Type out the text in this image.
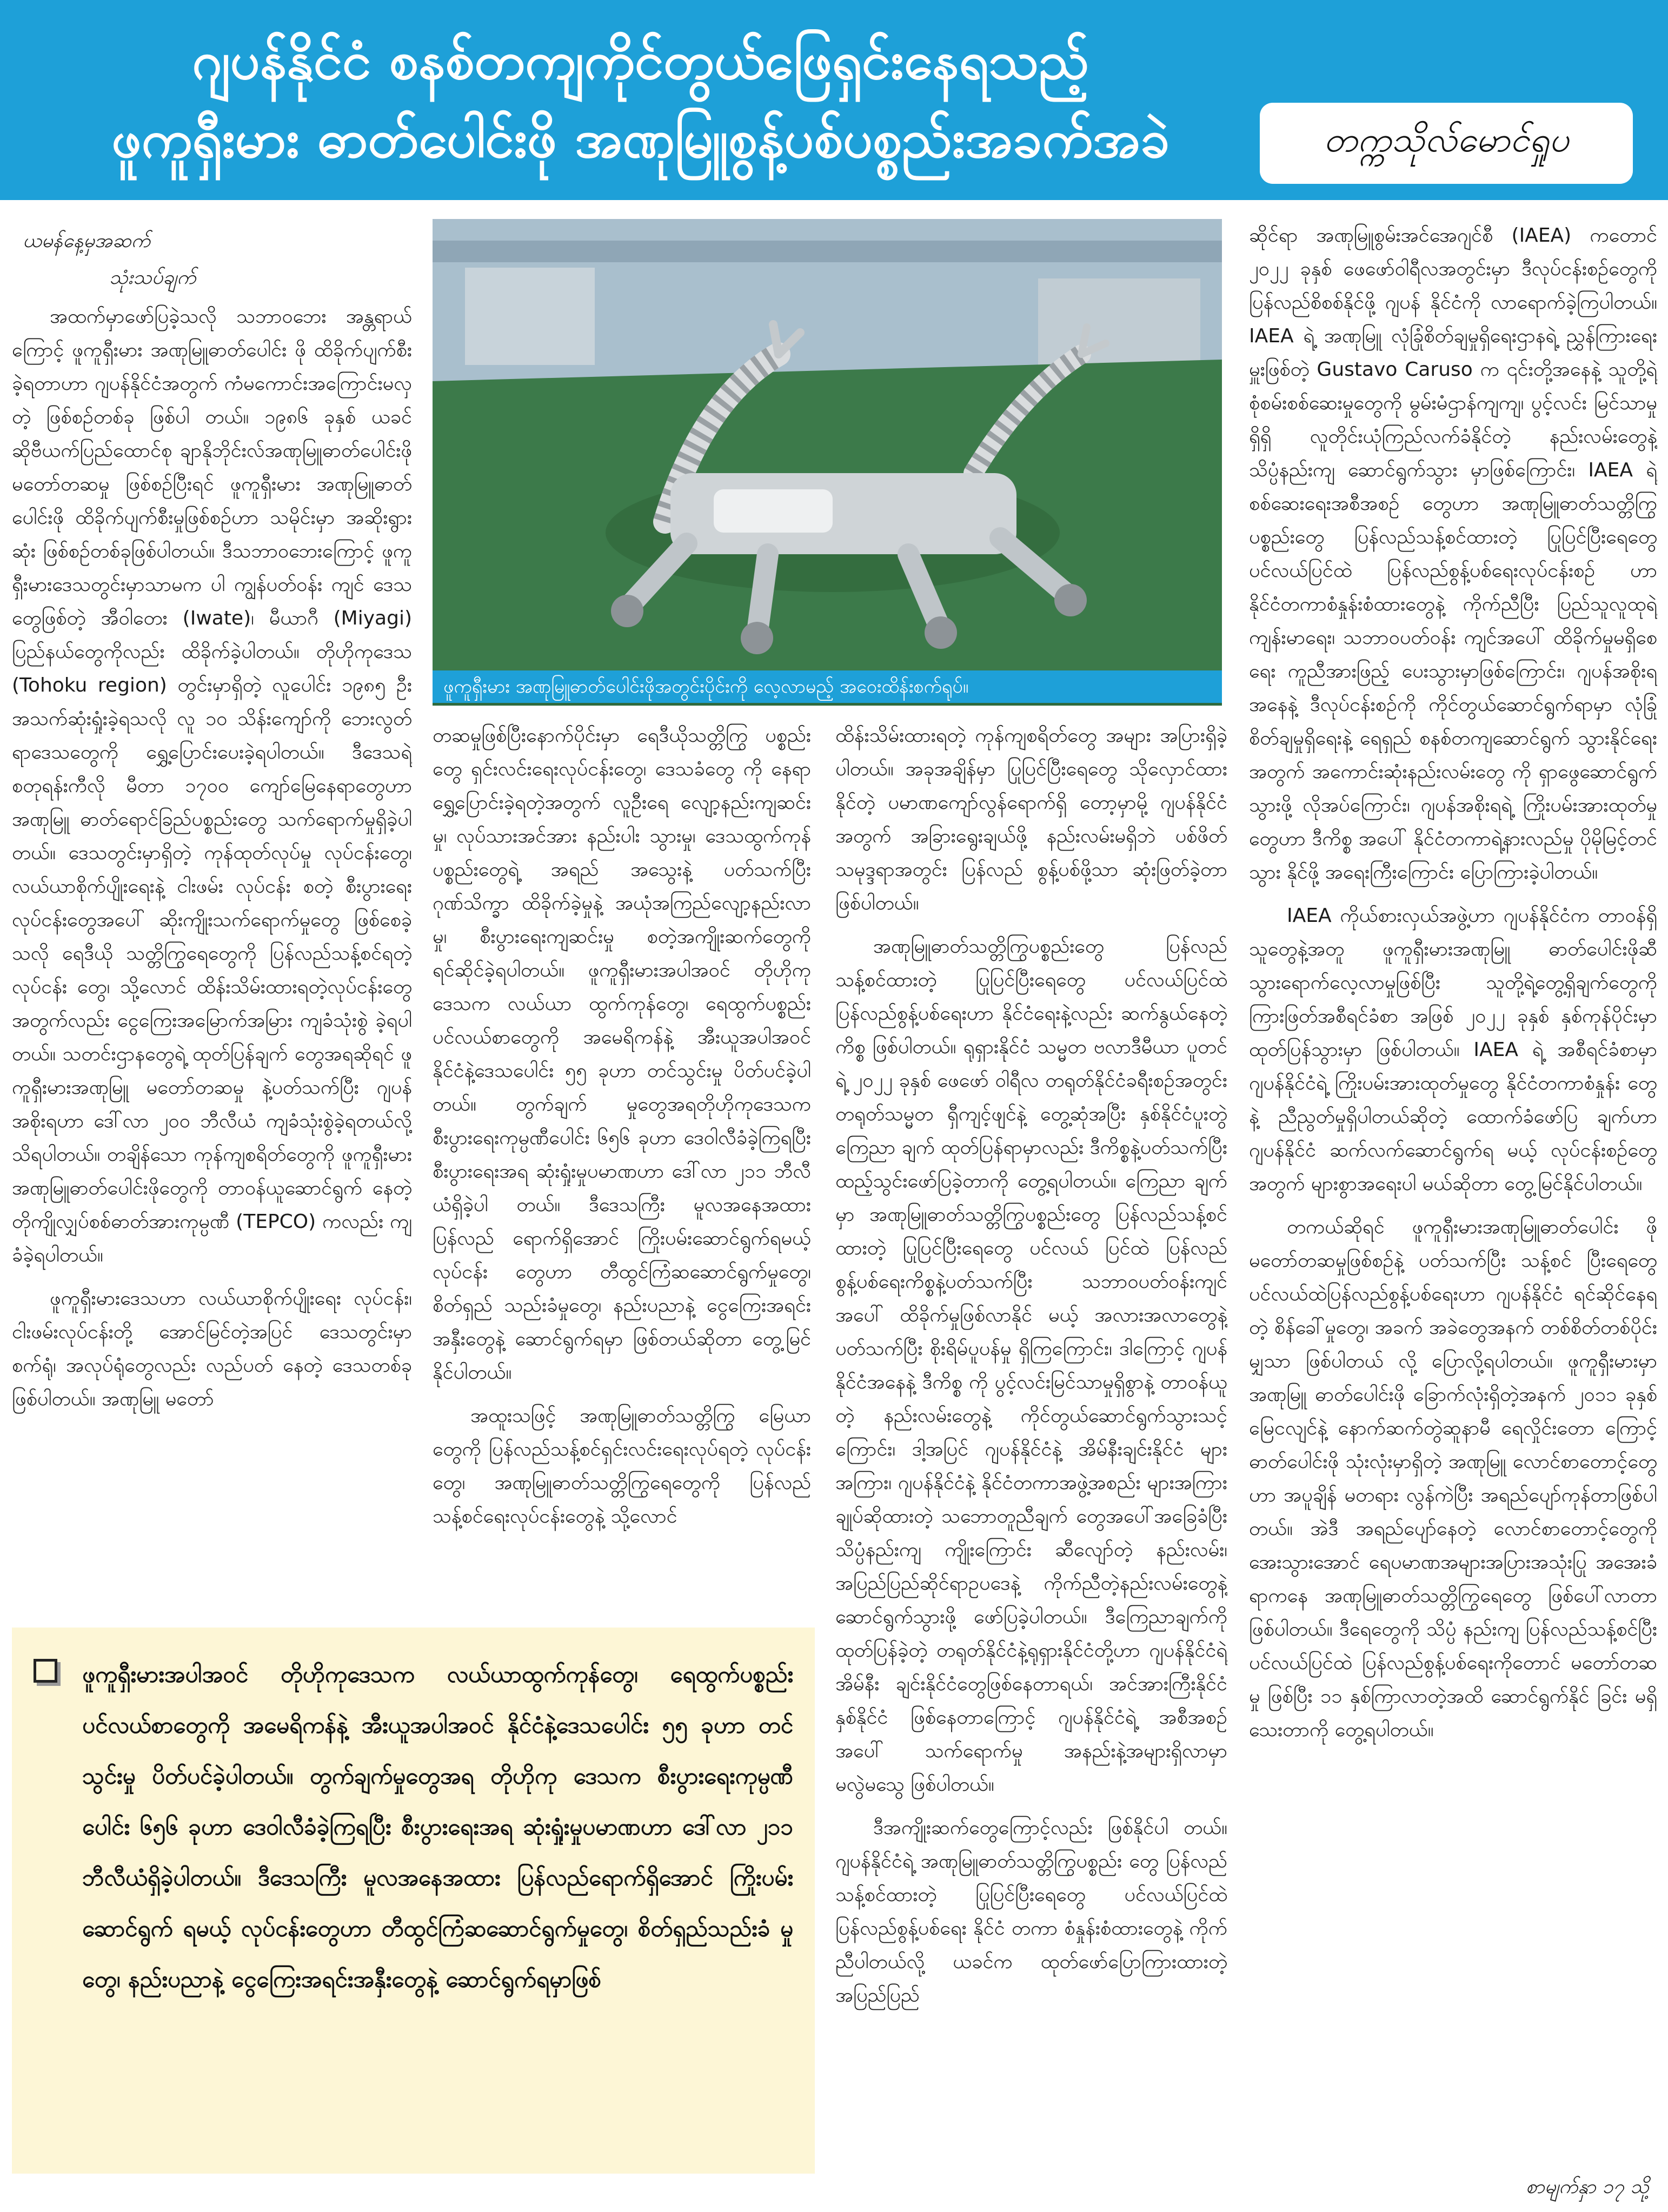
ဂျပန်နိုင်ငံ စနစ်တကျကိုင်တွယ်ဖြေရှင်းနေရသည့်
ဖူကူရှီးမား ဓာတ်ပေါင်းဖို အဏုမြူစွန့်ပစ်ပစ္စည်းအခက်အခဲ	တက္ကသိုလ်မောင်ရှုပ
ယမန်နေ့မှအဆက်
သုံးသပ်ချက်

အထက်မှာဖော်ပြခဲ့သလို သဘာဝဘေး အန္တရာယ်ကြောင့် ဖူကူရှီးမား အဏုမြူဓာတ်ပေါင်း ဖို ထိခိုက်ပျက်စီးခဲ့ရတာဟာ ဂျပန်နိုင်ငံအတွက် ကံမကောင်းအကြောင်းမလှတဲ့ ဖြစ်စဉ်တစ်ခု ဖြစ်ပါ တယ်။ ၁၉၈၆ ခုနှစ် ယခင်ဆိုဗီယက်ပြည်ထောင်စု ချာနိုဘိုင်းလ်အဏုမြူဓာတ်ပေါင်းဖို မတော်တဆမှု ဖြစ်စဉ်ပြီးရင် ဖူကူရှီးမား အဏုမြူဓာတ်ပေါင်းဖို ထိခိုက်ပျက်စီးမှုဖြစ်စဉ်ဟာ သမိုင်းမှာ အဆိုးရွားဆုံး ဖြစ်စဉ်တစ်ခုဖြစ်ပါတယ်။ ဒီသဘာဝဘေးကြောင့် ဖူကူရှီးမားဒေသတွင်းမှာသာမက ပါ ကျွန်ပတ်ဝန်း ကျင် ဒေသတွေဖြစ်တဲ့ အီဝါတေး (Iwate)၊ မီယာဂီ (Miyagi) ပြည်နယ်တွေကိုလည်း ထိခိုက်ခဲ့ပါတယ်။ တိုဟိုကုဒေသ (Tohoku region) တွင်းမှာရှိတဲ့ လူပေါင်း ၁၉၈၅ ဦး အသက်ဆုံးရှုံးခဲ့ရသလို လူ ၁၀ သိန်းကျော်ကို ဘေးလွတ်ရာဒေသတွေကို ရွှေ့ပြောင်းပေးခဲ့ရပါတယ်။ ဒီဒေသရဲ့ စတုရန်းကီလို မီတာ ၁၇၀၀ ကျော်မြေနေရာတွေဟာ အဏုမြူ ဓာတ်ရောင်ခြည်ပစ္စည်းတွေ သက်ရောက်မှုရှိခဲ့ပါ တယ်။ ဒေသတွင်းမှာရှိတဲ့ ကုန်ထုတ်လုပ်မှု လုပ်ငန်းတွေ၊ လယ်ယာစိုက်ပျိုးရေးနဲ့ ငါးဖမ်း လုပ်ငန်း စတဲ့ စီးပွားရေးလုပ်ငန်းတွေအပေါ် ဆိုးကျိုးသက်ရောက်မှုတွေ ဖြစ်စေခဲ့သလို ရေဒီယို သတ္တိကြွရေတွေကို ပြန်လည်သန့်စင်ရတဲ့လုပ်ငန်း တွေ၊ သို့လောင် ထိန်းသိမ်းထားရတဲ့လုပ်ငန်းတွေ အတွက်လည်း ငွေကြေးအမြောက်အမြား ကျခံသုံးစွဲ ခဲ့ရပါတယ်။ သတင်းဌာနတွေရဲ့ ထုတ်ပြန်ချက် တွေအရဆိုရင် ဖူကူရှီးမားအဏုမြူ မတော်တဆမှု နဲ့ပတ်သက်ပြီး ဂျပန်အစိုးရဟာ ဒေါ်လာ ၂၀၀ ဘီလီယံ ကျခံသုံးစွဲခဲ့ရတယ်လို့ သိရပါတယ်။ တချိန်သော ကုန်ကျစရိတ်တွေကို ဖူကူရှီးမား အဏုမြူဓာတ်ပေါင်းဖိုတွေကို တာဝန်ယူဆောင်ရွက် နေတဲ့ တိုကျိုလျှပ်စစ်ဓာတ်အားကုမ္ပဏီ (TEPCO) ကလည်း ကျခံခဲ့ရပါတယ်။

ဖူကူရှီးမားဒေသဟာ လယ်ယာစိုက်ပျိုးရေး လုပ်ငန်း၊ ငါးဖမ်းလုပ်ငန်းတို့ အောင်မြင်တဲ့အပြင် ဒေသတွင်းမှာ စက်ရုံ၊ အလုပ်ရုံတွေလည်း လည်ပတ် နေတဲ့ ဒေသတစ်ခုဖြစ်ပါတယ်။ အဏုမြူ မတော်

ဖူကူရှီးမား အဏုမြူဓာတ်ပေါင်းဖိုအတွင်းပိုင်းကို လေ့လာမည့် အဝေးထိန်းစက်ရုပ်။

တဆမှုဖြစ်ပြီးနောက်ပိုင်းမှာ ရေဒီယိုသတ္တိကြွ ပစ္စည်းတွေ ရှင်းလင်းရေးလုပ်ငန်းတွေ၊ ဒေသခံတွေ ကို နေရာရွှေ့ပြောင်းခဲ့ရတဲ့အတွက် လူဦးရေ လျော့နည်းကျဆင်းမှု၊ လုပ်သားအင်အား နည်းပါး သွားမှု၊ ဒေသထွက်ကုန်ပစ္စည်းတွေရဲ့ အရည် အသွေးနဲ့ ပတ်သက်ပြီး ဂုဏ်သိက္ခာ ထိခိုက်ခဲ့မှုနဲ့ အယုံအကြည်လျော့နည်းလာမှု၊ စီးပွားရေးကျဆင်းမှု စတဲ့အကျိုးဆက်တွေကို ရင်ဆိုင်ခဲ့ရပါတယ်။ ဖူကူရှီးမားအပါအဝင် တိုဟိုကုဒေသက လယ်ယာ ထွက်ကုန်တွေ၊ ရေထွက်ပစ္စည်း ပင်လယ်စာတွေကို အမေရိကန်နဲ့ အီးယူအပါအဝင် နိုင်ငံနဲ့ဒေသပေါင်း ၅၅ ခုဟာ တင်သွင်းမှု ပိတ်ပင်ခဲ့ပါတယ်။ တွက်ချက် မှုတွေအရတိုဟိုကုဒေသက စီးပွားရေးကုမ္ပဏီပေါင်း ၆၅၆ ခုဟာ ဒေဝါလီခံခဲ့ကြရပြီး စီးပွားရေးအရ ဆုံးရှုံးမှုပမာဏဟာ ဒေါ်လာ ၂၁၁ ဘီလီယံရှိခဲ့ပါ တယ်။ ဒီဒေသကြီး မူလအနေအထား ပြန်လည် ရောက်ရှိအောင် ကြိုးပမ်းဆောင်ရွက်ရမယ့် လုပ်ငန်း တွေဟာ တီထွင်ကြံဆဆောင်ရွက်မှုတွေ၊ စိတ်ရှည် သည်းခံမှုတွေ၊ နည်းပညာနဲ့ ငွေကြေးအရင်း အနှီးတွေနဲ့ ဆောင်ရွက်ရမှာ ဖြစ်တယ်ဆိုတာ တွေ့မြင်နိုင်ပါတယ်။

အထူးသဖြင့် အဏုမြူဓာတ်သတ္တိကြွ မြေယာ တွေကို ပြန်လည်သန့်စင်ရှင်းလင်းရေးလုပ်ရတဲ့ လုပ်ငန်းတွေ၊ အဏုမြူဓာတ်သတ္တိကြွရေတွေကို ပြန်လည်သန့်စင်ရေးလုပ်ငန်းတွေနဲ့ သို့လောင်

ထိန်းသိမ်းထားရတဲ့ ကုန်ကျစရိတ်တွေ အများ အပြားရှိခဲ့ပါတယ်။ အခုအချိန်မှာ ပြုပြင်ပြီးရေတွေ သိုလှောင်ထားနိုင်တဲ့ ပမာဏကျော်လွန်ရောက်ရှိ တော့မှာမို့ ဂျပန်နိုင်ငံအတွက် အခြားရွေးချယ်ဖို့ နည်းလမ်းမရှိဘဲ ပစ်ဖိတ်သမုဒ္ဒရာအတွင်း ပြန်လည် စွန့်ပစ်ဖို့သာ ဆုံးဖြတ်ခဲ့တာ ဖြစ်ပါတယ်။

အဏုမြူဓာတ်သတ္တိကြွပစ္စည်းတွေ ပြန်လည် သန့်စင်ထားတဲ့ ပြုပြင်ပြီးရေတွေ ပင်လယ်ပြင်ထဲ ပြန်လည်စွန့်ပစ်ရေးဟာ နိုင်ငံရေးနဲ့လည်း ဆက်နွယ်နေတဲ့ကိစ္စ ဖြစ်ပါတယ်။ ရုရှားနိုင်ငံ သမ္မတ ဗလာဒီမီယာ ပူတင်ရဲ့ ၂၀၂၂ ခုနှစ် ဖေဖော် ဝါရီလ တရုတ်နိုင်ငံခရီးစဉ်အတွင်း တရုတ်သမ္မတ ရှီကျင့်ဖျင်နဲ့ တွေ့ဆုံအပြီး နှစ်နိုင်ငံပူးတွဲကြေညာ ချက် ထုတ်ပြန်ရာမှာလည်း ဒီကိစ္စနဲ့ပတ်သက်ပြီး ထည့်သွင်းဖော်ပြခဲ့တာကို တွေ့ရပါတယ်။ ကြေညာ ချက်မှာ အဏုမြူဓာတ်သတ္တိကြွပစ္စည်းတွေ ပြန်လည်သန့်စင်ထားတဲ့ ပြုပြင်ပြီးရေတွေ ပင်လယ် ပြင်ထဲ ပြန်လည်စွန့်ပစ်ရေးကိစ္စနဲ့ပတ်သက်ပြီး သဘာဝပတ်ဝန်းကျင်အပေါ် ထိခိုက်မှုဖြစ်လာနိုင် မယ့် အလားအလာတွေနဲ့ ပတ်သက်ပြီး စိုးရိမ်ပူပန်မှု ရှိကြကြောင်း၊ ဒါကြောင့် ဂျပန်နိုင်ငံအနေနဲ့ ဒီကိစ္စ ကို ပွင့်လင်းမြင်သာမှုရှိစွာနဲ့ တာဝန်ယူတဲ့ နည်းလမ်းတွေနဲ့ ကိုင်တွယ်ဆောင်ရွက်သွားသင့် ကြောင်း၊ ဒါ့အပြင် ဂျပန်နိုင်ငံနဲ့ အိမ်နီးချင်းနိုင်ငံ များအကြား၊ ဂျပန်နိုင်ငံနဲ့ နိုင်ငံတကာအဖွဲ့အစည်း များအကြား ချုပ်ဆိုထားတဲ့ သဘောတူညီချက် တွေအပေါ်အခြေခံပြီး သိပ္ပံနည်းကျ ကျိုးကြောင်း ဆီလျော်တဲ့ နည်းလမ်း၊ အပြည်ပြည်ဆိုင်ရာဥပဒေနဲ့ ကိုက်ညီတဲ့နည်းလမ်းတွေနဲ့ ဆောင်ရွက်သွားဖို့ ဖော်ပြခဲ့ပါတယ်။ ဒီကြေညာချက်ကို ထုတ်ပြန်ခဲ့တဲ့ တရုတ်နိုင်ငံနဲ့ရုရှားနိုင်ငံတို့ဟာ ဂျပန်နိုင်ငံရဲ့ အိမ်နီး ချင်းနိုင်ငံတွေဖြစ်နေတာရယ်၊ အင်အားကြီးနိုင်ငံ နှစ်နိုင်ငံ ဖြစ်နေတာကြောင့် ဂျပန်နိုင်ငံရဲ့ အစီအစဉ် အပေါ် သက်ရောက်မှု အနည်းနဲ့အများရှိလာမှာ မလွဲမသွေ ဖြစ်ပါတယ်။

ဒီအကျိုးဆက်တွေကြောင့်လည်း ဖြစ်နိုင်ပါ တယ်။ ဂျပန်နိုင်ငံရဲ့ အဏုမြူဓာတ်သတ္တိကြွပစ္စည်း တွေ ပြန်လည်သန့်စင်ထားတဲ့ ပြုပြင်ပြီးရေတွေ ပင်လယ်ပြင်ထဲ ပြန်လည်စွန့်ပစ်ရေး နိုင်ငံ တကာ စံနှုန်းစံထားတွေနဲ့ ကိုက်ညီပါတယ်လို့ ယခင်က ထုတ်ဖော်ပြောကြားထားတဲ့ အပြည်ပြည်

ဆိုင်ရာ အဏုမြူစွမ်းအင်အေဂျင်စီ (IAEA) ကတောင် ၂၀၂၂ ခုနှစ် ဖေဖော်ဝါရီလအတွင်းမှာ ဒီလုပ်ငန်းစဉ်တွေကို ပြန်လည်စိစစ်နိုင်ဖို့ ဂျပန် နိုင်ငံကို လာရောက်ခဲ့ကြပါတယ်။ IAEA ရဲ့ အဏုမြူ လုံခြုံစိတ်ချမှုရှိရေးဌာနရဲ့ ညွှန်ကြားရေးမှူးဖြစ်တဲ့ Gustavo Caruso က ၎င်းတို့အနေနဲ့ သူတို့ရဲ့ စုံစမ်းစစ်ဆေးမှုတွေကို မွမ်းမံဌာန်ကျကျ၊ ပွင့်လင်း မြင်သာမှုရှိရှိ လူတိုင်းယုံကြည်လက်ခံနိုင်တဲ့ နည်းလမ်းတွေနဲ့ သိပ္ပံနည်းကျ ဆောင်ရွက်သွား မှာဖြစ်ကြောင်း၊ IAEA ရဲ့ စစ်ဆေးရေးအစီအစဉ် တွေဟာ အဏုမြူဓာတ်သတ္တိကြွပစ္စည်းတွေ ပြန်လည်သန့်စင်ထားတဲ့ ပြုပြင်ပြီးရေတွေ ပင်လယ်ပြင်ထဲ ပြန်လည်စွန့်ပစ်ရေးလုပ်ငန်းစဉ် ဟာ နိုင်ငံတကာစံနှုန်းစံထားတွေနဲ့ ကိုက်ညီပြီး ပြည်သူလူထုရဲ့ကျန်းမာရေး၊ သဘာဝပတ်ဝန်း ကျင်အပေါ် ထိခိုက်မှုမရှိစေရေး ကူညီအားဖြည့် ပေးသွားမှာဖြစ်ကြောင်း၊ ဂျပန်အစိုးရအနေနဲ့ ဒီလုပ်ငန်းစဉ်ကို ကိုင်တွယ်ဆောင်ရွက်ရာမှာ လုံခြုံ စိတ်ချမှုရှိရေးနဲ့ ရေရှည် စနစ်တကျဆောင်ရွက် သွားနိုင်ရေးအတွက် အကောင်းဆုံးနည်းလမ်းတွေ ကို ရှာဖွေဆောင်ရွက်သွားဖို့ လိုအပ်ကြောင်း၊ ဂျပန်အစိုးရရဲ့ ကြိုးပမ်းအားထုတ်မှုတွေဟာ ဒီကိစ္စ အပေါ် နိုင်ငံတကာရဲ့နားလည်မှု ပိုမိုမြင့်တင်သွား နိုင်ဖို့ အရေးကြီးကြောင်း ပြောကြားခဲ့ပါတယ်။

IAEA ကိုယ်စားလှယ်အဖွဲ့ဟာ ဂျပန်နိုင်ငံက တာဝန်ရှိသူတွေနဲ့အတူ ဖူကူရှီးမားအဏုမြူ ဓာတ်ပေါင်းဖိုဆီ သွားရောက်လေ့လာမှုဖြစ်ပြီး သူတို့ရဲ့တွေ့ရှိချက်တွေကို ကြားဖြတ်အစီရင်ခံစာ အဖြစ် ၂၀၂၂ ခုနှစ် နှစ်ကုန်ပိုင်းမှာ ထုတ်ပြန်သွားမှာ ဖြစ်ပါတယ်။ IAEA ရဲ့ အစီရင်ခံစာမှာ ဂျပန်နိုင်ငံရဲ့ ကြိုးပမ်းအားထုတ်မှုတွေ နိုင်ငံတကာစံနှုန်း တွေနဲ့ ညီညွတ်မှုရှိပါတယ်ဆိုတဲ့ ထောက်ခံဖော်ပြ ချက်ဟာ ဂျပန်နိုင်ငံ ဆက်လက်ဆောင်ရွက်ရ မယ့် လုပ်ငန်းစဉ်တွေအတွက် များစွာအရေးပါ မယ်ဆိုတာ တွေ့မြင်နိုင်ပါတယ်။

တကယ်ဆိုရင် ဖူကူရှီးမားအဏုမြူဓာတ်ပေါင်း ဖို မတော်တဆမှုဖြစ်စဉ်နဲ့ ပတ်သက်ပြီး သန့်စင် ပြီးရေတွေ ပင်လယ်ထဲပြန်လည်စွန့်ပစ်ရေးဟာ ဂျပန်နိုင်ငံ ရင်ဆိုင်နေရတဲ့ စိန်ခေါ်မှုတွေ၊ အခက် အခဲတွေအနက် တစ်စိတ်တစ်ပိုင်းမျှသာ ဖြစ်ပါတယ် လို့ ပြောလို့ရပါတယ်။ ဖူကူရှီးမားမှာ အဏုမြူ ဓာတ်ပေါင်းဖို ခြောက်လုံးရှိတဲ့အနက် ၂၀၁၁ ခုနှစ် မြေငလျင်နဲ့ နောက်ဆက်တွဲဆူနာမီ ရေလှိုင်းတော ကြောင့် ဓာတ်ပေါင်းဖို သုံးလုံးမှာရှိတဲ့ အဏုမြူ လောင်စာတောင့်တွေဟာ အပူချိန် မတရား လွန်ကဲပြီး အရည်ပျော်ကုန်တာဖြစ်ပါတယ်။ အဲဒီ အရည်ပျော်နေတဲ့ လောင်စာတောင့်တွေကို အေးသွားအောင် ရေပမာဏအများအပြားအသုံးပြု အအေးခံရာကနေ အဏုမြူဓာတ်သတ္တိကြွရေတွေ ဖြစ်ပေါ်လာတာ ဖြစ်ပါတယ်။ ဒီရေတွေကို သိပ္ပံ နည်းကျ ပြန်လည်သန့်စင်ပြီး ပင်လယ်ပြင်ထဲ ပြန်လည်စွန့်ပစ်ရေးကိုတောင် မတော်တဆမှု ဖြစ်ပြီး ၁၁ နှစ်ကြာလာတဲ့အထိ ဆောင်ရွက်နိုင် ခြင်း မရှိသေးတာကို တွေ့ရပါတယ်။

ဖူကူရှီးမားအပါအဝင် တိုဟိုကုဒေသက လယ်ယာထွက်ကုန်တွေ၊ ရေထွက်ပစ္စည်း ပင်လယ်စာတွေကို အမေရိကန်နဲ့ အီးယူအပါအဝင် နိုင်ငံနဲ့ဒေသပေါင်း ၅၅ ခုဟာ တင်သွင်းမှု ပိတ်ပင်ခဲ့ပါတယ်။ တွက်ချက်မှုတွေအရ တိုဟိုကု ဒေသက စီးပွားရေးကုမ္ပဏီပေါင်း ၆၅၆ ခုဟာ ဒေဝါလီခံခဲ့ကြရပြီး စီးပွားရေးအရ ဆုံးရှုံးမှုပမာဏဟာ ဒေါ်လာ ၂၁၁ ဘီလီယံရှိခဲ့ပါတယ်။ ဒီဒေသကြီး မူလအနေအထား ပြန်လည်ရောက်ရှိအောင် ကြိုးပမ်းဆောင်ရွက် ရမယ့် လုပ်ငန်းတွေဟာ တီထွင်ကြံဆဆောင်ရွက်မှုတွေ၊ စိတ်ရှည်သည်းခံ မှုတွေ၊ နည်းပညာနဲ့ ငွေကြေးအရင်းအနှီးတွေနဲ့ ဆောင်ရွက်ရမှာဖြစ်
စာမျက်နှာ ၁၇ သို့
